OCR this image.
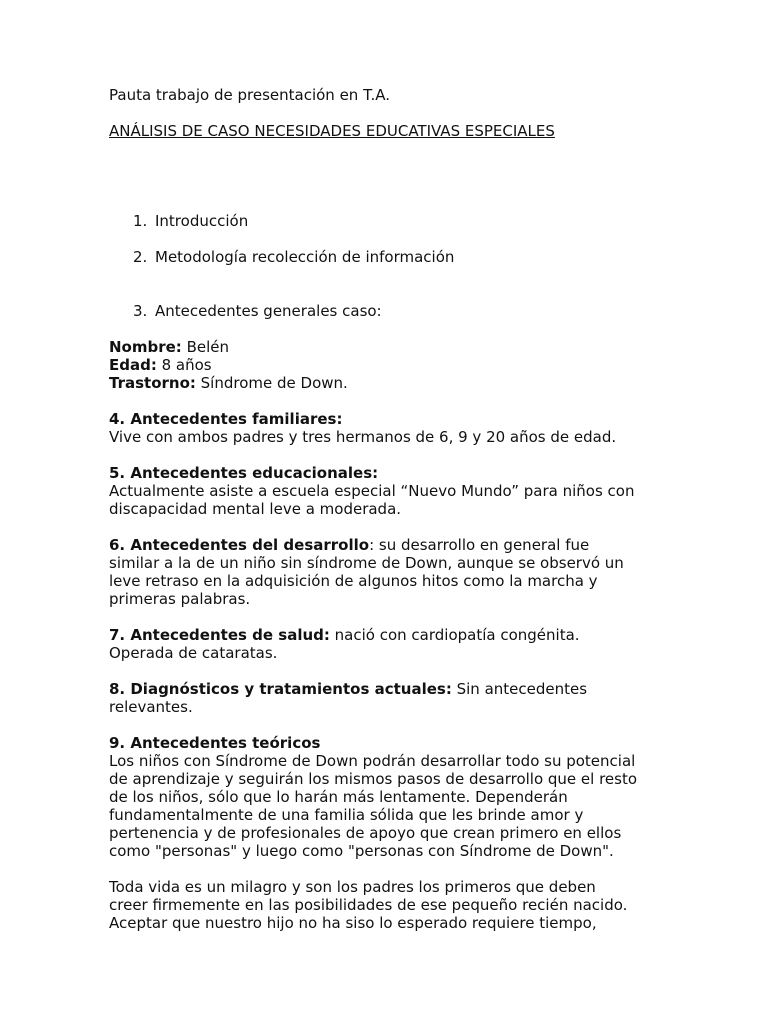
Pauta trabajo de presentación en T.A.

ANÁLISIS DE CASO NECESIDADES EDUCATIVAS ESPECIALES

1. Introducción

2. Metodología recolección de información

3. Antecedentes generales caso:

Nombre: Belén

Edad: 8 años

Trastorno: Síndrome de Down.

4. Antecedentes familiares:

Vive con ambos padres y tres hermanos de 6, 9 y 20 años de edad.

5. Antecedentes educacionales:

Actualmente asiste a escuela especial “Nuevo Mundo” para niños con

discapacidad mental leve a moderada.

6. Antecedentes del desarrollo: su desarrollo en general fue

similar a la de un niño sin síndrome de Down, aunque se observó un

leve retraso en la adquisición de algunos hitos como la marcha y

primeras palabras.

7. Antecedentes de salud: nació con cardiopatía congénita.

Operada de cataratas.

8. Diagnósticos y tratamientos actuales: Sin antecedentes

relevantes.

9. Antecedentes teóricos

Los niños con Síndrome de Down podrán desarrollar todo su potencial

de aprendizaje y seguirán los mismos pasos de desarrollo que el resto

de los niños, sólo que lo harán más lentamente. Dependerán

fundamentalmente de una familia sólida que les brinde amor y

pertenencia y de profesionales de apoyo que crean primero en ellos

como "personas" y luego como "personas con Síndrome de Down".

Toda vida es un milagro y son los padres los primeros que deben

creer firmemente en las posibilidades de ese pequeño recién nacido.

Aceptar que nuestro hijo no ha siso lo esperado requiere tiempo,
